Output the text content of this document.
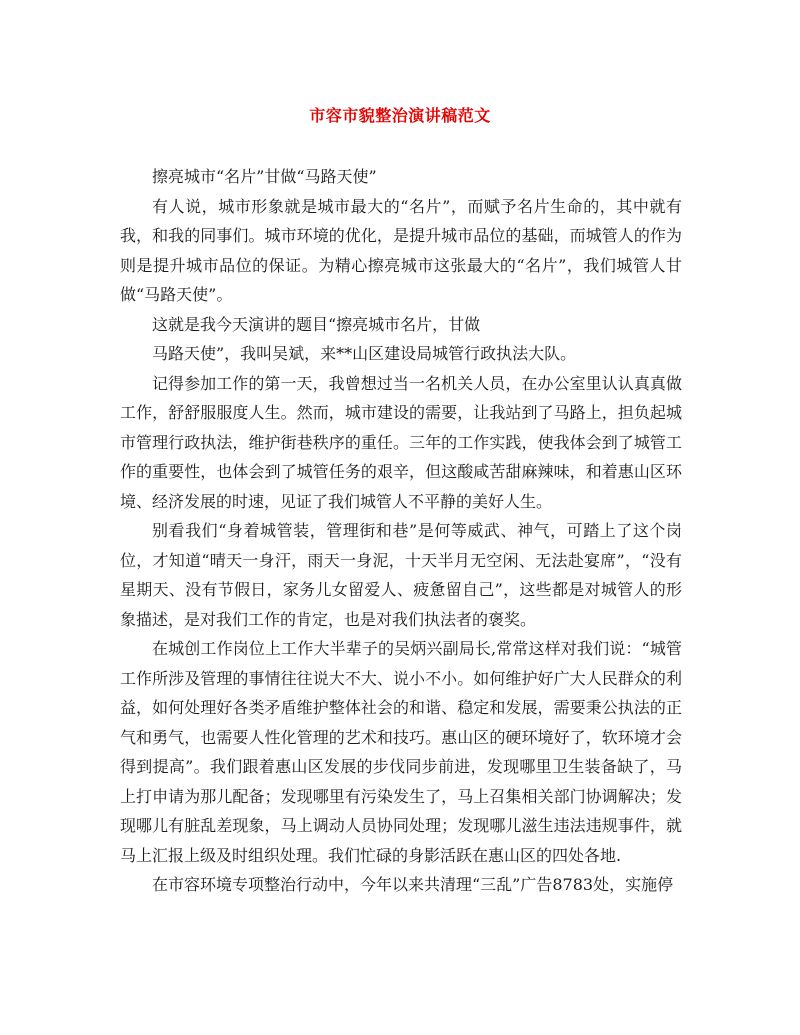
市容市貌整治演讲稿范文

擦亮城市“名片”甘做“马路天使”

有人说，城市形象就是城市最大的“名片”，而赋予名片生命的，其中就有我，和我的同事们。城市环境的优化，是提升城市品位的基础，而城管人的作为则是提升城市品位的保证。为精心擦亮城市这张最大的“名片”，我们城管人甘做“马路天使”。

这就是我今天演讲的题目“擦亮城市名片，甘做

马路天使”，我叫吴斌，来**山区建设局城管行政执法大队。

记得参加工作的第一天，我曾想过当一名机关人员，在办公室里认认真真做工作，舒舒服服度人生。然而，城市建设的需要，让我站到了马路上，担负起城市管理行政执法，维护街巷秩序的重任。三年的工作实践，使我体会到了城管工作的重要性，也体会到了城管任务的艰辛，但这酸咸苦甜麻辣味，和着惠山区环境、经济发展的时速，见证了我们城管人不平静的美好人生。

别看我们“身着城管装，管理街和巷”是何等威武、神气，可踏上了这个岗位，才知道“晴天一身汗，雨天一身泥，十天半月无空闲、无法赴宴席”，“没有星期天、没有节假日，家务儿女留爱人、疲惫留自己”，这些都是对城管人的形象描述，是对我们工作的肯定，也是对我们执法者的褒奖。

在城创工作岗位上工作大半辈子的吴炳兴副局长,常常这样对我们说：“城管工作所涉及管理的事情往往说大不大、说小不小。如何维护好广大人民群众的利益，如何处理好各类矛盾维护整体社会的和谐、稳定和发展，需要秉公执法的正气和勇气，也需要人性化管理的艺术和技巧。惠山区的硬环境好了，软环境才会得到提高”。我们跟着惠山区发展的步伐同步前进，发现哪里卫生装备缺了，马上打申请为那儿配备；发现哪里有污染发生了，马上召集相关部门协调解决；发现哪儿有脏乱差现象，马上调动人员协同处理；发现哪儿滋生违法违规事件，就马上汇报上级及时组织处理。我们忙碌的身影活跃在惠山区的四处各地.

在市容环境专项整治行动中，今年以来共清理“三乱”广告8783处，实施停
